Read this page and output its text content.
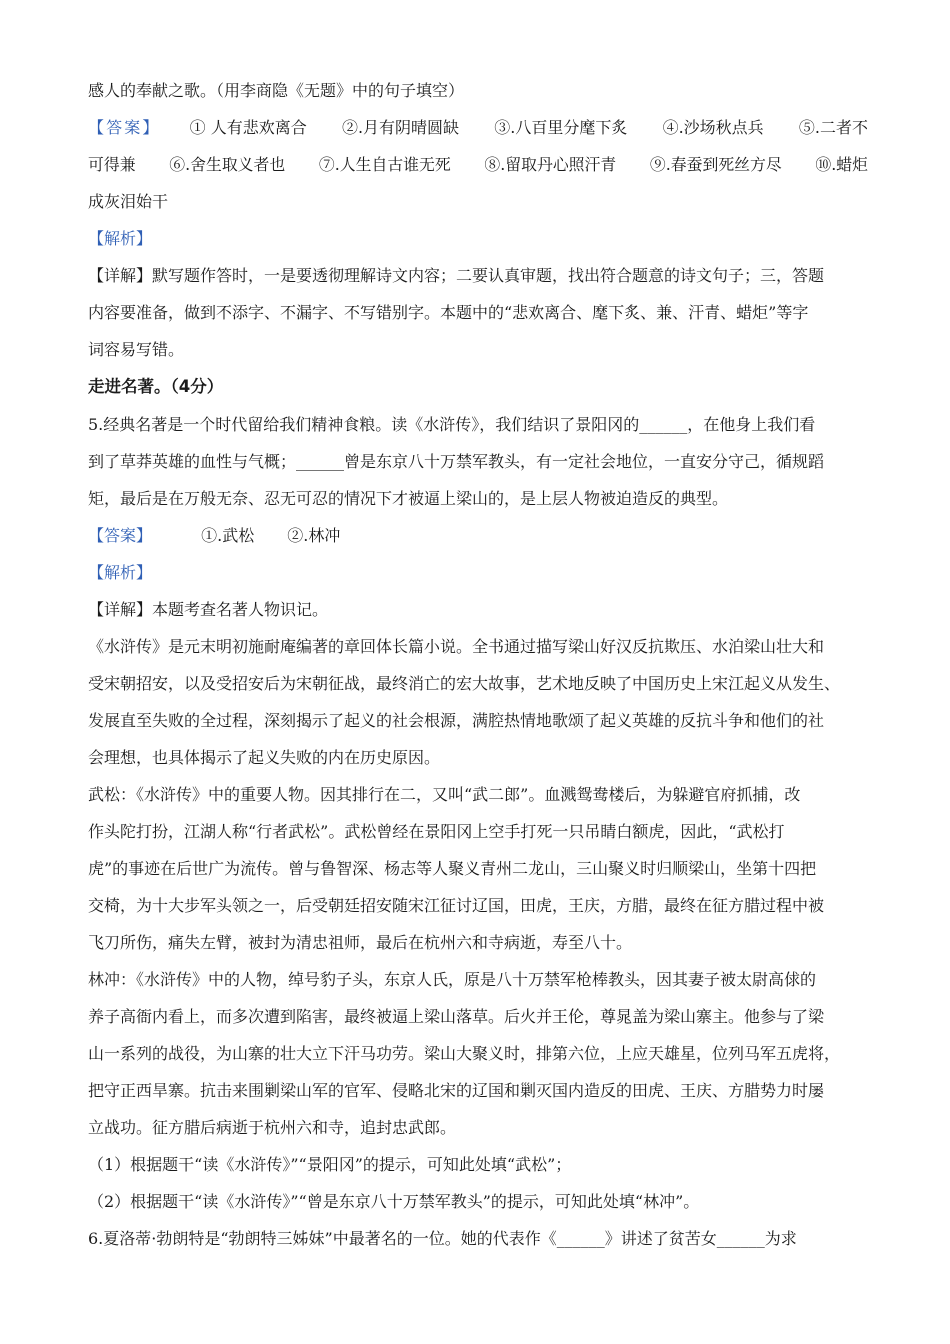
感人的奉献之歌。（用李商隐《无题》中的句子填空）
【答案】 ① 人有悲欢离合 ②.月有阴晴圆缺 ③.八百里分麾下炙 ④.沙场秋点兵 ⑤.二者不
可得兼 ⑥.舍生取义者也 ⑦.人生自古谁无死 ⑧.留取丹心照汗青 ⑨.春蚕到死丝方尽 ⑩.蜡炬
成灰泪始干
【解析】
【详解】默写题作答时，一是要透彻理解诗文内容；二要认真审题，找出符合题意的诗文句子；三，答题
内容要准备，做到不添字、不漏字、不写错别字。本题中的“悲欢离合、麾下炙、兼、汗青、蜡炬”等字
词容易写错。
走进名著。（4分）
5.经典名著是一个时代留给我们精神食粮。读《水浒传》，我们结识了景阳冈的______，在他身上我们看
到了草莽英雄的血性与气概；______曾是东京八十万禁军教头，有一定社会地位，一直安分守己，循规蹈
矩，最后是在万般无奈、忍无可忍的情况下才被逼上梁山的，是上层人物被迫造反的典型。
【答案】	①.武松 ②.林冲
【解析】
【详解】本题考查名著人物识记。
《水浒传》是元末明初施耐庵编著的章回体长篇小说。全书通过描写梁山好汉反抗欺压、水泊梁山壮大和
受宋朝招安，以及受招安后为宋朝征战，最终消亡的宏大故事，艺术地反映了中国历史上宋江起义从发生、
发展直至失败的全过程，深刻揭示了起义的社会根源，满腔热情地歌颂了起义英雄的反抗斗争和他们的社
会理想，也具体揭示了起义失败的内在历史原因。
武松：《水浒传》中的重要人物。因其排行在二，又叫“武二郎”。血溅鸳鸯楼后，为躲避官府抓捕，改
作头陀打扮，江湖人称“行者武松”。武松曾经在景阳冈上空手打死一只吊睛白额虎，因此，“武松打
虎”的事迹在后世广为流传。曾与鲁智深、杨志等人聚义青州二龙山，三山聚义时归顺梁山，坐第十四把
交椅，为十大步军头领之一，后受朝廷招安随宋江征讨辽国，田虎，王庆，方腊，最终在征方腊过程中被
飞刀所伤，痛失左臂，被封为清忠祖师，最后在杭州六和寺病逝，寿至八十。
林冲：《水浒传》中的人物，绰号豹子头，东京人氏，原是八十万禁军枪棒教头，因其妻子被太尉高俅的
养子高衙内看上，而多次遭到陷害，最终被逼上梁山落草。后火并王伦，尊晁盖为梁山寨主。他参与了梁
山一系列的战役，为山寨的壮大立下汗马功劳。梁山大聚义时，排第六位，上应天雄星，位列马军五虎将，
把守正西旱寨。抗击来围剿梁山军的官军、侵略北宋的辽国和剿灭国内造反的田虎、王庆、方腊势力时屡
立战功。征方腊后病逝于杭州六和寺，追封忠武郎。
（1）根据题干“读《水浒传》”“景阳冈”的提示，可知此处填“武松”；
（2）根据题干“读《水浒传》”“曾是东京八十万禁军教头”的提示，可知此处填“林冲”。
6.夏洛蒂·勃朗特是“勃朗特三姊妹”中最著名的一位。她的代表作《______》讲述了贫苦女______为求
